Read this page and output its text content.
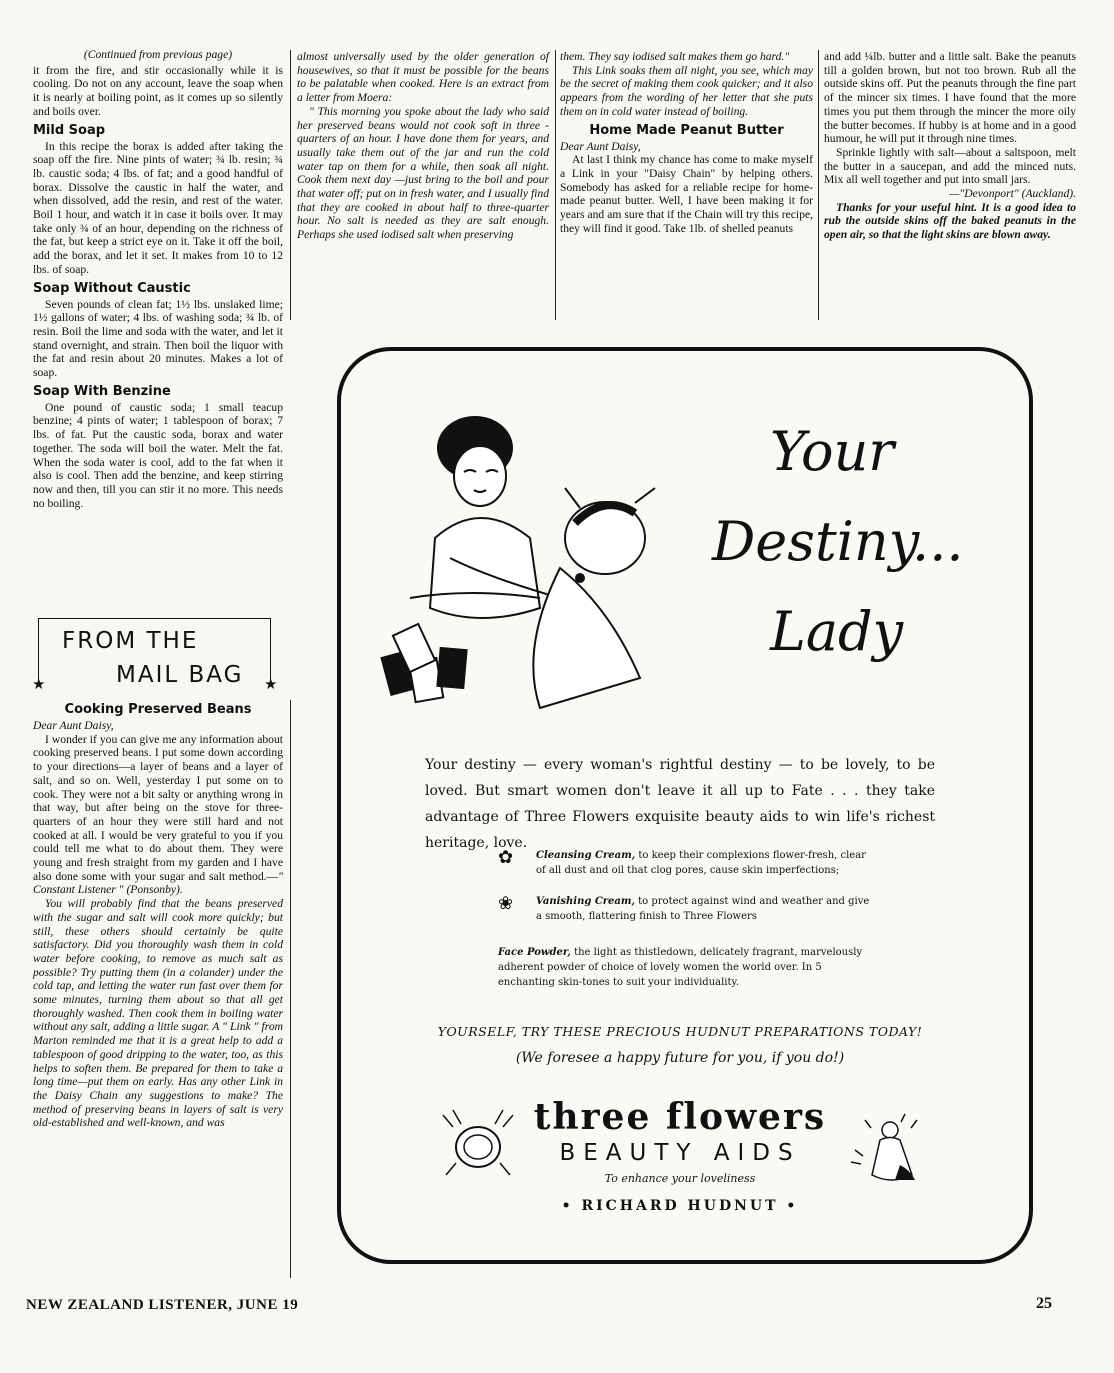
(Continued from previous page)

it from the fire, and stir occasionally while it is cooling. Do not on any account, leave the soap when it is nearly at boiling point, as it comes up so silently and boils over.

Mild Soap

In this recipe the borax is added after taking the soap off the fire. Nine pints of water; ¾ lb. resin; ¾ lb. caustic soda; 4 lbs. of fat; and a good handful of borax. Dissolve the caustic in half the water, and when dissolved, add the resin, and rest of the water. Boil 1 hour, and watch it in case it boils over. It may take only ¾ of an hour, depending on the richness of the fat, but keep a strict eye on it. Take it off the boil, add the borax, and let it set. It makes from 10 to 12 lbs. of soap.

Soap Without Caustic

Seven pounds of clean fat; 1½ lbs. unslaked lime; 1½ gallons of water; 4 lbs. of washing soda; ¾ lb. of resin. Boil the lime and soda with the water, and let it stand overnight, and strain. Then boil the liquor with the fat and resin about 20 minutes. Makes a lot of soap.

Soap With Benzine

One pound of caustic soda; 1 small teacup benzine; 4 pints of water; 1 tablespoon of borax; 7 lbs. of fat. Put the caustic soda, borax and water together. The soda will boil the water. Melt the fat. When the soda water is cool, add to the fat when it also is cool. Then add the benzine, and keep stirring now and then, till you can stir it no more. This needs no boiling.

FROM THE
MAIL BAG
★	★
Cooking Preserved Beans

Dear Aunt Daisy,

I wonder if you can give me any information about cooking preserved beans. I put some down according to your directions—a layer of beans and a layer of salt, and so on. Well, yesterday I put some on to cook. They were not a bit salty or anything wrong in that way, but after being on the stove for three-quarters of an hour they were still hard and not cooked at all. I would be very grateful to you if you could tell me what to do about them. They were young and fresh straight from my garden and I have also done some with your sugar and salt method.—" Constant Listener " (Ponsonby).

You will probably find that the beans preserved with the sugar and salt will cook more quickly; but still, these others should certainly be quite satisfactory. Did you thoroughly wash them in cold water before cooking, to remove as much salt as possible? Try putting them (in a colander) under the cold tap, and letting the water run fast over them for some minutes, turning them about so that all get thoroughly washed. Then cook them in boiling water without any salt, adding a little sugar. A " Link " from Marton reminded me that it is a great help to add a tablespoon of good dripping to the water, too, as this helps to soften them. Be prepared for them to take a long time—put them on early. Has any other Link in the Daisy Chain any suggestions to make? The method of preserving beans in layers of salt is very old-established and well-known, and was

almost universally used by the older generation of housewives, so that it must be possible for the beans to be palatable when cooked. Here is an extract from a letter from Moera:

" This morning you spoke about the lady who said her preserved beans would not cook soft in three - quarters of an hour. I have done them for years, and usually take them out of the jar and run the cold water tap on them for a while, then soak all night. Cook them next day —just bring to the boil and pour that water off; put on in fresh water, and I usually find that they are cooked in about half to three-quarter hour. No salt is needed as they are salt enough. Perhaps she used iodised salt when preserving

them. They say iodised salt makes them go hard."

This Link soaks them all night, you see, which may be the secret of making them cook quicker; and it also appears from the wording of her letter that she puts them on in cold water instead of boiling.

Home Made Peanut Butter

Dear Aunt Daisy,

At last I think my chance has come to make myself a Link in your "Daisy Chain" by helping others. Somebody has asked for a reliable recipe for home-made peanut butter. Well, I have been making it for years and am sure that if the Chain will try this recipe, they will find it good. Take 1lb. of shelled peanuts

and add ¼lb. butter and a little salt. Bake the peanuts till a golden brown, but not too brown. Rub all the outside skins off. Put the peanuts through the fine part of the mincer six times. I have found that the more times you put them through the mincer the more oily the butter becomes. If hubby is at home and in a good humour, he will put it through nine times.

Sprinkle lightly with salt—about a saltspoon, melt the butter in a saucepan, and add the minced nuts. Mix all well together and put into small jars.

—"Devonport" (Auckland).

Thanks for your useful hint. It is a good idea to rub the outside skins off the baked peanuts in the open air, so that the light skins are blown away.

Your
Destiny...
Lady
Your destiny — every woman's rightful destiny — to be lovely, to be loved. But smart women don't leave it all up to Fate . . . they take advantage of Three Flowers exquisite beauty aids to win life's richest heritage, love.
✿ Cleansing Cream, to keep their complexions flower-fresh, clear of all dust and oil that clog pores, cause skin imperfections;
❀ Vanishing Cream, to protect against wind and weather and give a smooth, flattering finish to Three Flowers
Face Powder, the light as thistledown, delicately fragrant, marvelously adherent powder of choice of lovely women the world over. In 5 enchanting skin-tones to suit your individuality.
YOURSELF, TRY THESE PRECIOUS HUDNUT PREPARATIONS TODAY!
(We foresee a happy future for you, if you do!)
three flowers
BEAUTY AIDS
To enhance your loveliness
• RICHARD HUDNUT •
NEW ZEALAND LISTENER, JUNE 19	25
